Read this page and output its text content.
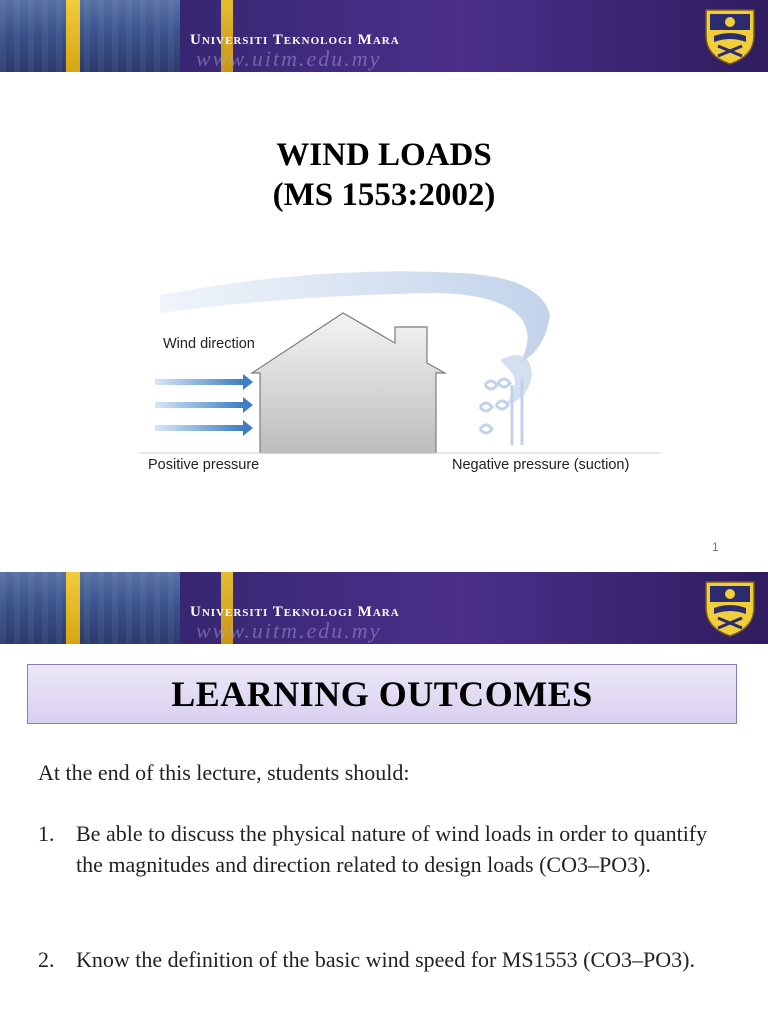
Universiti Teknologi Mara
www.uitm.edu.my
WIND LOADS
(MS 1553:2002)
Wind direction
Positive pressure	Negative pressure (suction)
1
Universiti Teknologi Mara
www.uitm.edu.my
LEARNING OUTCOMES
At the end of this lecture, students should:
1. Be able to discuss the physical nature of wind loads in order to quantify the magnitudes and direction related to design loads (CO3–PO3).
2. Know the definition of the basic wind speed for MS1553 (CO3–PO3).
